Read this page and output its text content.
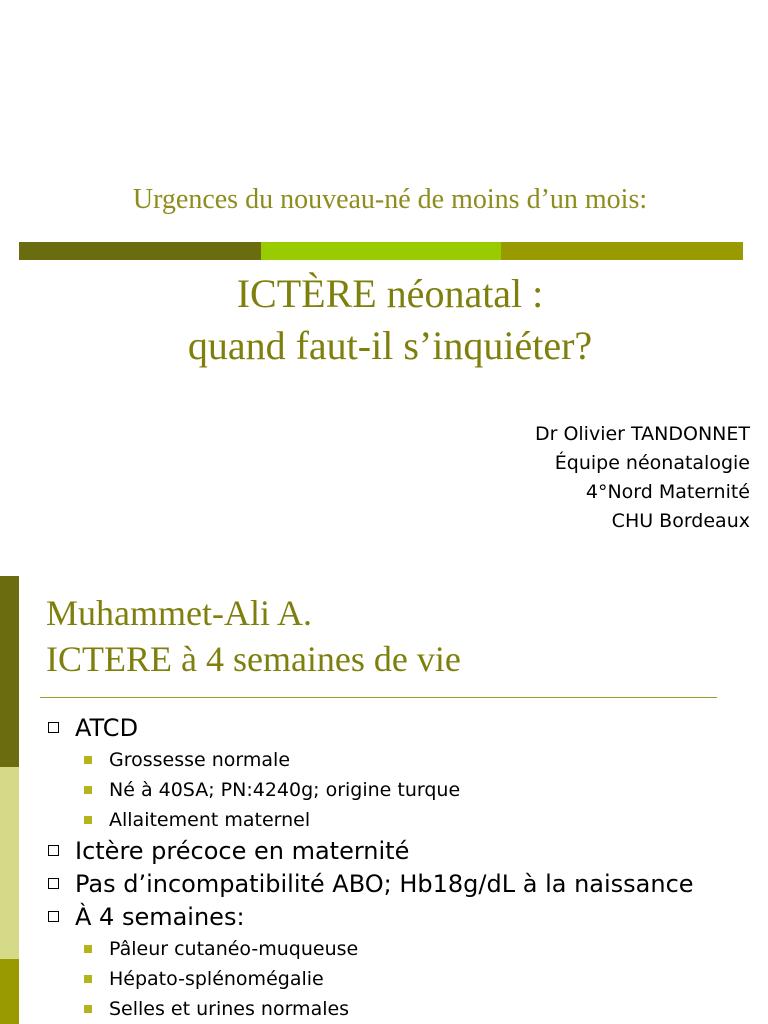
Urgences du nouveau-né de moins d’un mois:
ICTÈRE néonatal :
quand faut-il s’inquiéter?
Dr Olivier TANDONNET
Équipe néonatalogie
4°Nord Maternité
CHU Bordeaux
Muhammet-Ali A.
ICTERE à 4 semaines de vie
ATCD
Grossesse normale
Né à 40SA; PN:4240g; origine turque
Allaitement maternel
Ictère précoce en maternité
Pas d’incompatibilité ABO; Hb18g/dL à la naissance
À 4 semaines:
Pâleur cutanéo-muqueuse
Hépato-splénomégalie
Selles et urines normales
